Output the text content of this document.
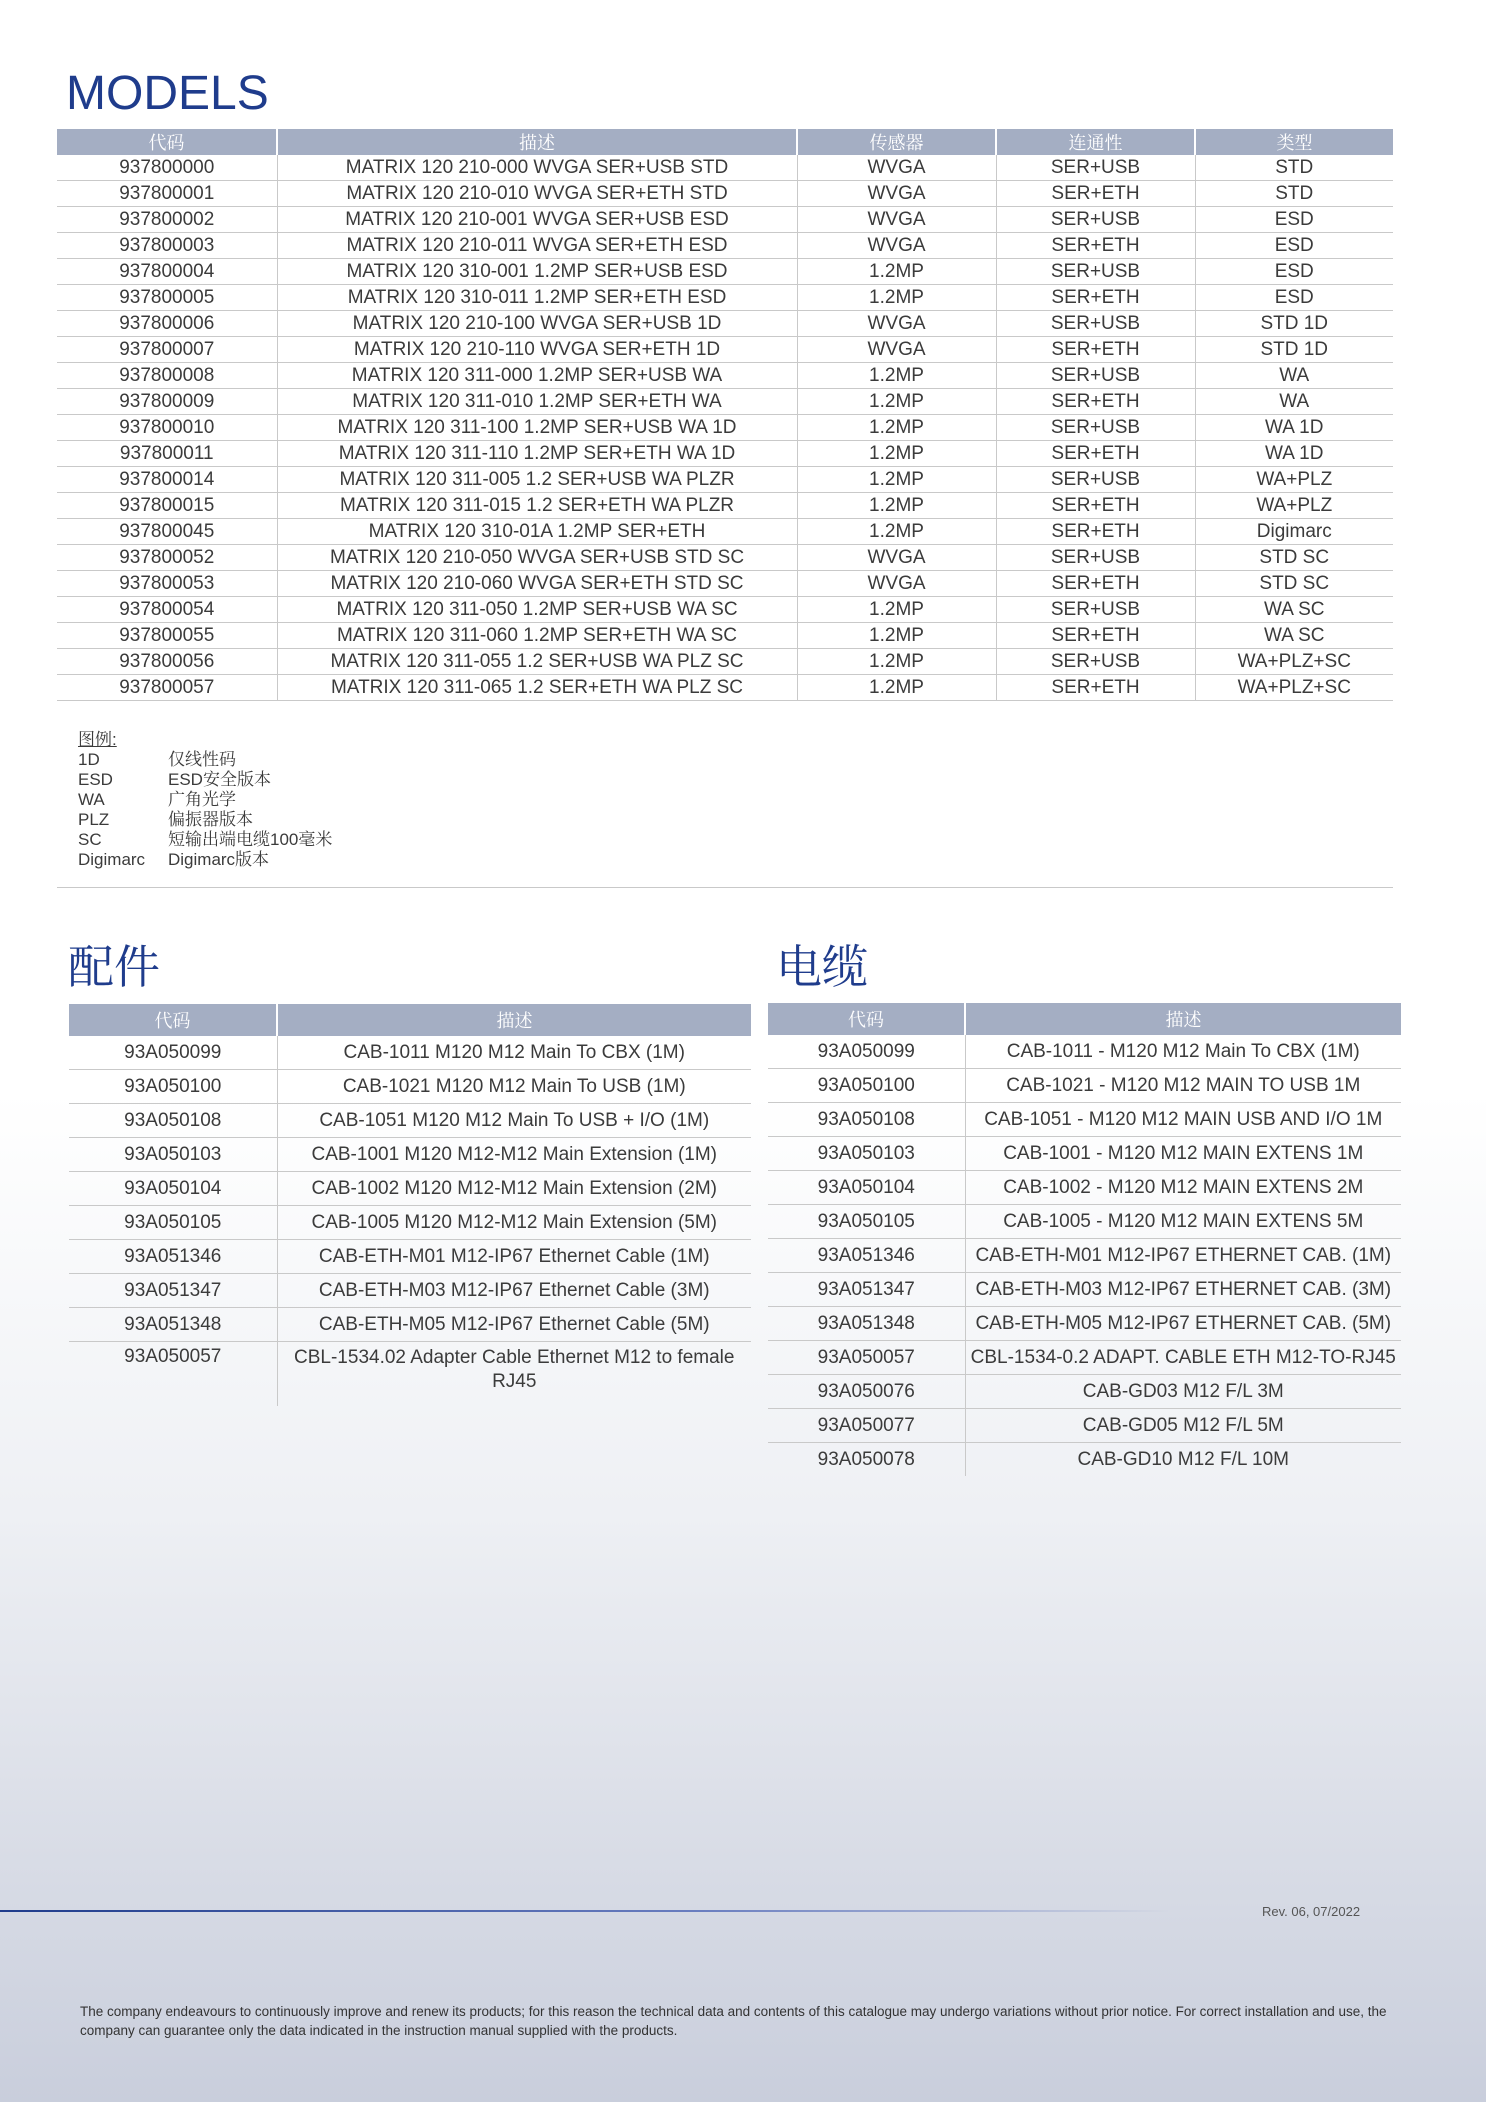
MODELS
代码	描述	传感器	连通性	类型
937800000	MATRIX 120 210-000 WVGA SER+USB STD	WVGA	SER+USB	STD
937800001	MATRIX 120 210-010 WVGA SER+ETH STD	WVGA	SER+ETH	STD
937800002	MATRIX 120 210-001 WVGA SER+USB ESD	WVGA	SER+USB	ESD
937800003	MATRIX 120 210-011 WVGA SER+ETH ESD	WVGA	SER+ETH	ESD
937800004	MATRIX 120 310-001 1.2MP SER+USB ESD	1.2MP	SER+USB	ESD
937800005	MATRIX 120 310-011 1.2MP SER+ETH ESD	1.2MP	SER+ETH	ESD
937800006	MATRIX 120 210-100 WVGA SER+USB 1D	WVGA	SER+USB	STD 1D
937800007	MATRIX 120 210-110 WVGA SER+ETH 1D	WVGA	SER+ETH	STD 1D
937800008	MATRIX 120 311-000 1.2MP SER+USB WA	1.2MP	SER+USB	WA
937800009	MATRIX 120 311-010 1.2MP SER+ETH WA	1.2MP	SER+ETH	WA
937800010	MATRIX 120 311-100 1.2MP SER+USB WA 1D	1.2MP	SER+USB	WA 1D
937800011	MATRIX 120 311-110 1.2MP SER+ETH WA 1D	1.2MP	SER+ETH	WA 1D
937800014	MATRIX 120 311-005 1.2 SER+USB WA PLZR	1.2MP	SER+USB	WA+PLZ
937800015	MATRIX 120 311-015 1.2 SER+ETH WA PLZR	1.2MP	SER+ETH	WA+PLZ
937800045	MATRIX 120 310-01A 1.2MP SER+ETH	1.2MP	SER+ETH	Digimarc
937800052	MATRIX 120 210-050 WVGA SER+USB STD SC	WVGA	SER+USB	STD SC
937800053	MATRIX 120 210-060 WVGA SER+ETH STD SC	WVGA	SER+ETH	STD SC
937800054	MATRIX 120 311-050 1.2MP SER+USB WA SC	1.2MP	SER+USB	WA SC
937800055	MATRIX 120 311-060 1.2MP SER+ETH WA SC	1.2MP	SER+ETH	WA SC
937800056	MATRIX 120 311-055 1.2 SER+USB WA PLZ SC	1.2MP	SER+USB	WA+PLZ+SC
937800057	MATRIX 120 311-065 1.2 SER+ETH WA PLZ SC	1.2MP	SER+ETH	WA+PLZ+SC
图例:
1D	仅线性码
ESD	ESD安全版本
WA	广角光学
PLZ	偏振器版本
SC	短输出端电缆100毫米
Digimarc Digimarc版本
配件
代码	描述
93A050099	CAB-1011 M120 M12 Main To CBX (1M)
93A050100	CAB-1021 M120 M12 Main To USB (1M)
93A050108	CAB-1051 M120 M12 Main To USB + I/O (1M)
93A050103	CAB-1001 M120 M12-M12 Main Extension (1M)
93A050104	CAB-1002 M120 M12-M12 Main Extension (2M)
93A050105	CAB-1005 M120 M12-M12 Main Extension (5M)
93A051346	CAB-ETH-M01 M12-IP67 Ethernet Cable (1M)
93A051347	CAB-ETH-M03 M12-IP67 Ethernet Cable (3M)
93A051348	CAB-ETH-M05 M12-IP67 Ethernet Cable (5M)
93A050057	CBL-1534.02 Adapter Cable Ethernet M12 to female RJ45
电缆
代码	描述
93A050099	CAB-1011 - M120 M12 Main To CBX (1M)
93A050100	CAB-1021 - M120 M12 MAIN TO USB 1M
93A050108	CAB-1051 - M120 M12 MAIN USB AND I/O 1M
93A050103	CAB-1001 - M120 M12 MAIN EXTENS 1M
93A050104	CAB-1002 - M120 M12 MAIN EXTENS 2M
93A050105	CAB-1005 - M120 M12 MAIN EXTENS 5M
93A051346	CAB-ETH-M01 M12-IP67 ETHERNET CAB. (1M)
93A051347	CAB-ETH-M03 M12-IP67 ETHERNET CAB. (3M)
93A051348	CAB-ETH-M05 M12-IP67 ETHERNET CAB. (5M)
93A050057	CBL-1534-0.2 ADAPT. CABLE ETH M12-TO-RJ45
93A050076	CAB-GD03 M12 F/L 3M
93A050077	CAB-GD05 M12 F/L 5M
93A050078	CAB-GD10 M12 F/L 10M
Rev. 06, 07/2022
The company endeavours to continuously improve and renew its products; for this reason the technical data and contents of this catalogue may undergo variations without prior notice. For correct installation and use, the company can guarantee only the data indicated in the instruction manual supplied with the products.
